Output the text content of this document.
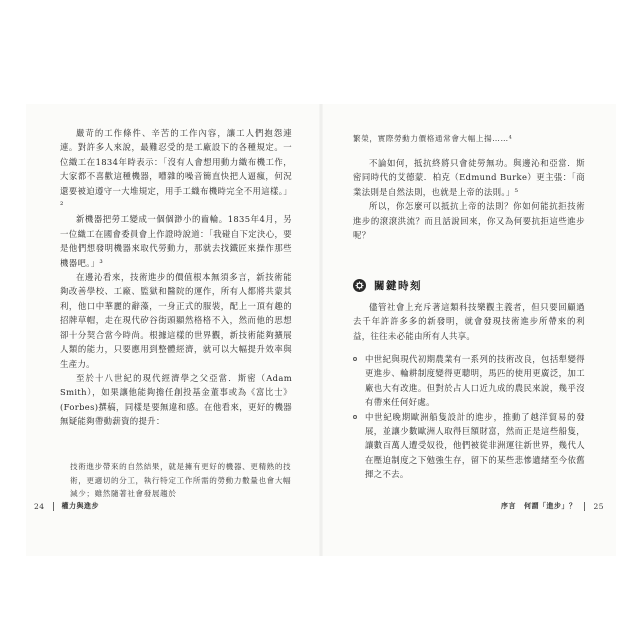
嚴苛的工作條件、辛苦的工作內容，讓工人們抱怨連連。對許多人來說，最難忍受的是工廠設下的各種規定。一位織工在1834年時表示：「沒有人會想用動力織布機工作，大家都不喜歡這種機器，嘈雜的噪音簡直快把人逼瘋，何況還要被迫遵守一大堆規定，用手工織布機時完全不用這樣。」²

新機器把勞工變成一個個渺小的齒輪。1835年4月，另一位織工在國會委員會上作證時說道：「我碰自下定決心，要是他們想發明機器來取代勞動力，那就去找鐵匠來操作那些機器吧。」³

在邊沁看來，技術進步的價值根本無須多言，新技術能夠改善學校、工廠、監獄和醫院的運作，所有人都將共蒙其利，他口中華麗的辭藻，一身正式的服裝，配上一頂有趣的招牌草帽，走在現代矽谷街頭顯然格格不入，然而他的思想卻十分契合當今時尚。根據這樣的世界觀，新技術能夠擴展人類的能力，只要應用到整體經濟，就可以大幅提升效率與生產力。

至於十八世紀的現代經濟學之父亞當．斯密（Adam Smith），如果讓他能夠擔任創投基金董事或為《富比士》(Forbes)撰稿，同樣是要無違和感。在他看來，更好的機器無疑能夠帶動薪資的提升：

技術進步帶來的自然結果，就是擁有更好的機器、更精熟的技術，更適切的分工，執行特定工作所需的勞動力數量也會大幅減少；雖然隨著社會發展趨於

24 權力與進步

繁榮，實際勞動力價格通常會大幅上揚……⁴

不論如何，抵抗終將只會徒勞無功。與邊沁和亞當．斯密同時代的艾德蒙．柏克（Edmund Burke）更主張：「商業法則是自然法則，也就是上帝的法則。」⁵

所以，你怎麼可以抵抗上帝的法則？你如何能抗拒技術進步的滾滾洪流？而且話說回來，你又為何要抗拒這些進步呢？

關鍵時刻

儘管社會上充斥著這類科技樂觀主義者，但只要回顧過去千年許許多多的新發明，就會發現技術進步所帶來的利益，往往未必能由所有人共享。

中世紀與現代初期農業有一系列的技術改良，包括犁變得更進步、輪耕制度變得更聰明，馬匹的使用更廣泛，加工廠也大有改進。但對於占人口近九成的農民來說，幾乎沒有帶來任何好處。
中世紀晚期歐洲船隻設計的進步，推動了越洋貿易的發展，並讓少數歐洲人取得巨額財富，然而正是這些船隻，讓數百萬人遭受奴役，他們被從非洲運往新世界，幾代人在壓迫制度之下勉強生存，留下的某些悲慘遺緒至今依舊揮之不去。
序言 何謂「進步」？ 25
